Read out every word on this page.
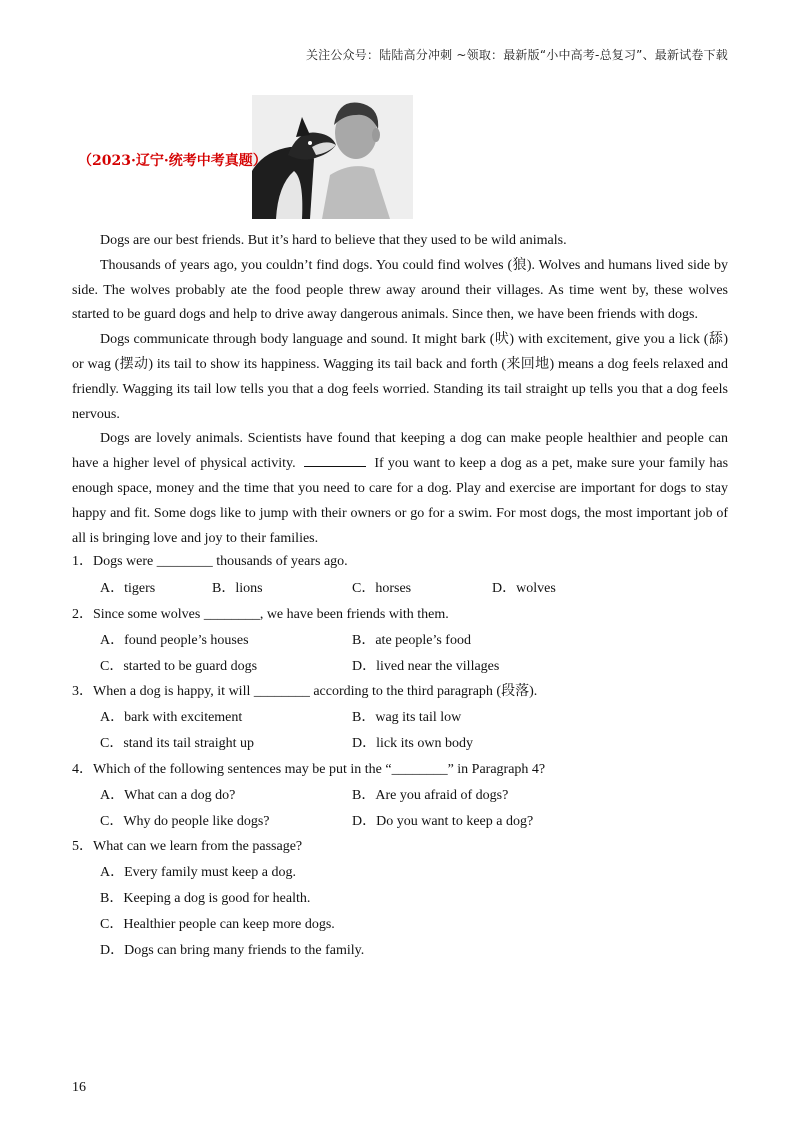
关注公众号：陆陆高分冲刺 ~领取：最新版“小中高考-总复习”、最新试卷下载
（2023·辽宁·统考中考真题）

Dogs are our best friends. But it’s hard to believe that they used to be wild animals.

Thousands of years ago, you couldn’t find dogs. You could find wolves (狼). Wolves and humans lived side by side. The wolves probably ate the food people threw away around their villages. As time went by, these wolves started to be guard dogs and help to drive away dangerous animals. Since then, we have been friends with dogs.

Dogs communicate through body language and sound. It might bark (吠) with excitement, give you a lick (舔) or wag (摆动) its tail to show its happiness. Wagging its tail back and forth (来回地) means a dog feels relaxed and friendly. Wagging its tail low tells you that a dog feels worried. Standing its tail straight up tells you that a dog feels nervous.

Dogs are lovely animals. Scientists have found that keeping a dog can make people healthier and people can have a higher level of physical activity.	If you want to keep a dog as a pet, make sure your family has enough space, money and the time that you need to care for a dog. Play and exercise are important for dogs to stay happy and fit. Some dogs like to jump with their owners or go for a swim. For most dogs, the most important job of all is bringing love and joy to their families.

1．Dogs were ________ thousands of years ago.
A．tigers	B．lions	C．horses	D．wolves
2．Since some wolves ________, we have been friends with them.
A．found people’s houses	B．ate people’s food
C．started to be guard dogs	D．lived near the villages
3．When a dog is happy, it will ________ according to the third paragraph (段落).
A．bark with excitement	B．wag its tail low
C．stand its tail straight up	D．lick its own body
4．Which of the following sentences may be put in the “________” in Paragraph 4?
A．What can a dog do?	B．Are you afraid of dogs?
C．Why do people like dogs?	D．Do you want to keep a dog?
5．What can we learn from the passage?
A．Every family must keep a dog.
B．Keeping a dog is good for health.
C．Healthier people can keep more dogs.
D．Dogs can bring many friends to the family.
16
